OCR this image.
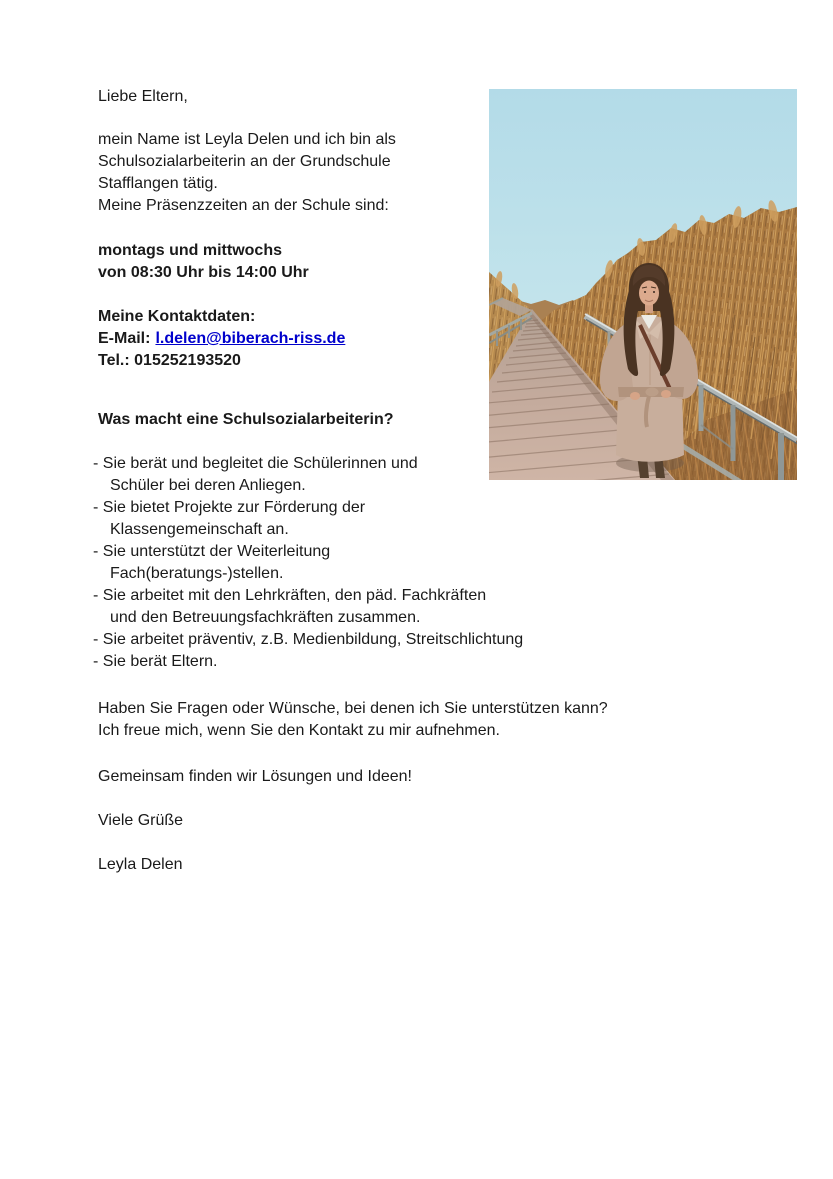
Liebe Eltern,

mein Name ist Leyla Delen und ich bin als
Schulsozialarbeiterin an der Grundschule
Stafflangen tätig.
Meine Präsenzzeiten an der Schule sind:
montags und mittwochs
von 08:30 Uhr bis 14:00 Uhr
Meine Kontaktdaten:
E-Mail: l.delen@biberach-riss.de
Tel.: 015252193520
Was macht eine Schulsozialarbeiterin?
- Sie berät und begleitet die Schülerinnen und
Schüler bei deren Anliegen.
- Sie bietet Projekte zur Förderung der
Klassengemeinschaft an.
- Sie unterstützt der Weiterleitung
Fach(beratungs-)stellen.
- Sie arbeitet mit den Lehrkräften, den päd. Fachkräften
und den Betreuungsfachkräften zusammen.
- Sie arbeitet präventiv, z.B. Medienbildung, Streitschlichtung
- Sie berät Eltern.
Haben Sie Fragen oder Wünsche, bei denen ich Sie unterstützen kann?
Ich freue mich, wenn Sie den Kontakt zu mir aufnehmen.

Gemeinsam finden wir Lösungen und Ideen!

Viele Grüße

Leyla Delen
